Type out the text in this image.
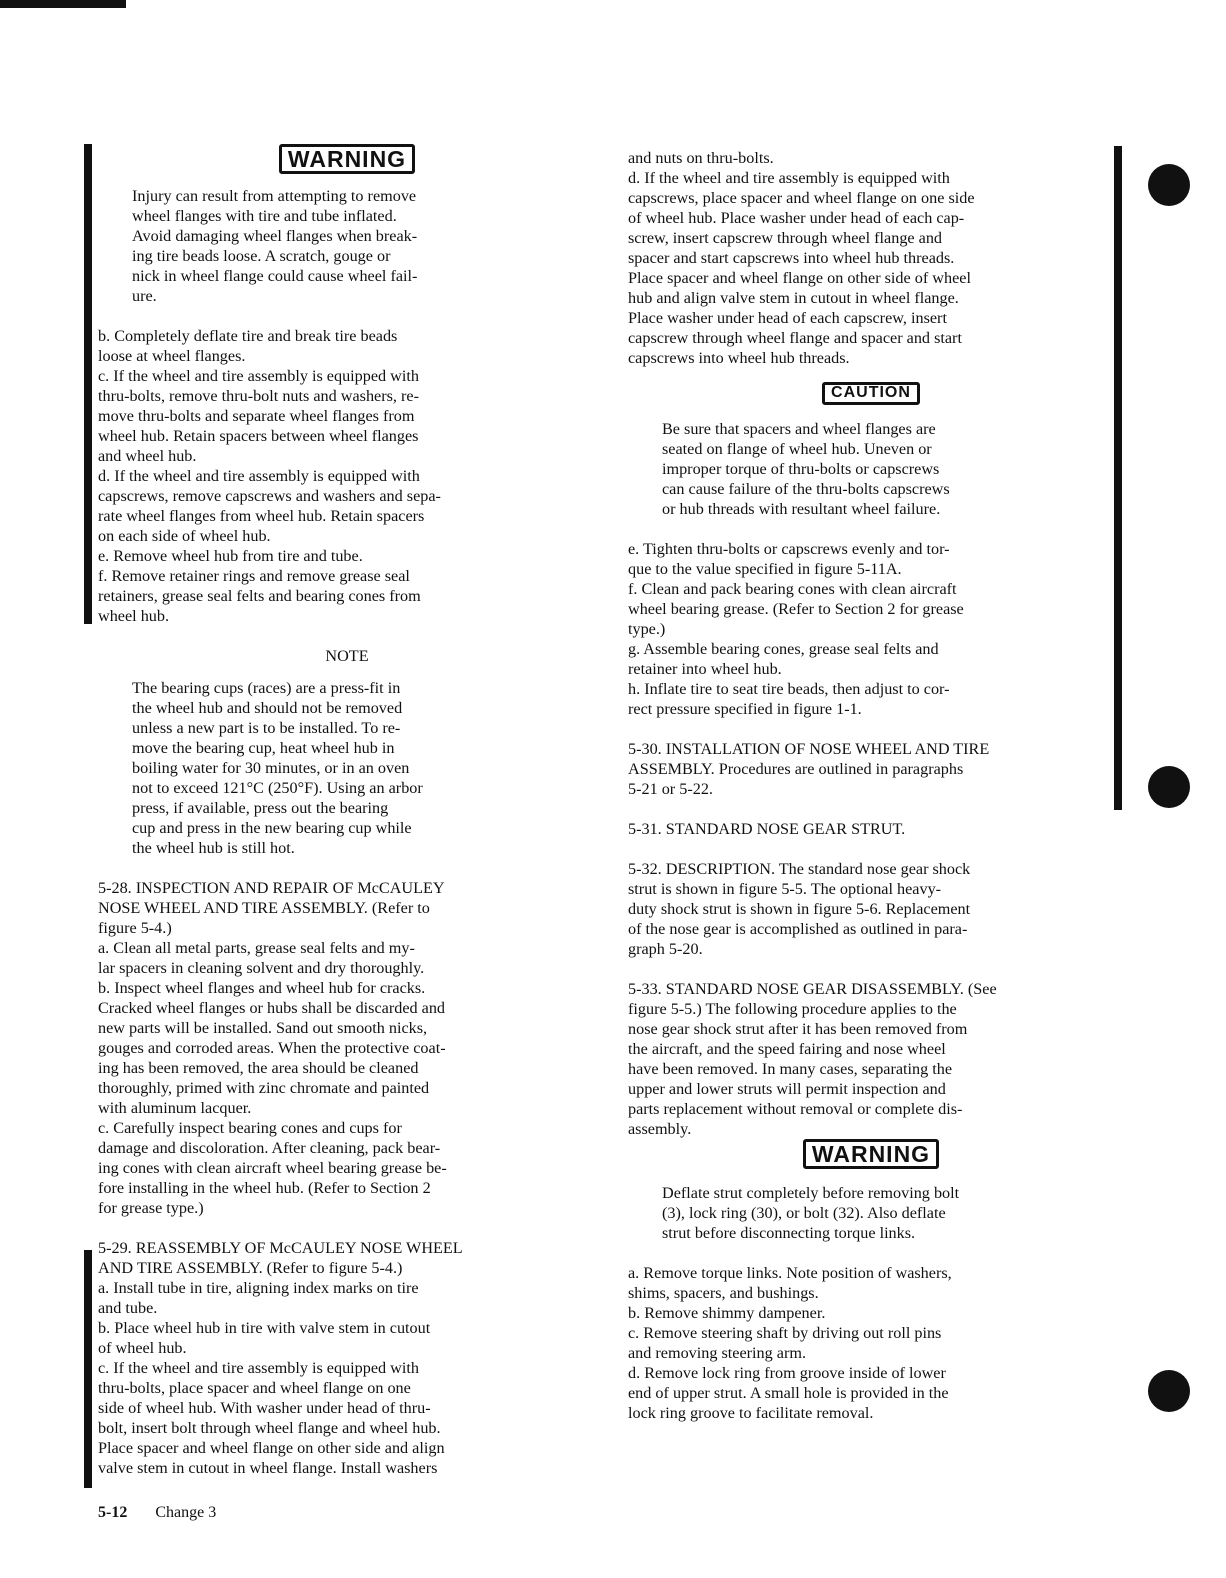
WARNING

Injury can result from attempting to remove

wheel flanges with tire and tube inflated.

Avoid damaging wheel flanges when break-

ing tire beads loose. A scratch, gouge or

nick in wheel flange could cause wheel fail-

ure.

b. Completely deflate tire and break tire beads

loose at wheel flanges.

c. If the wheel and tire assembly is equipped with

thru-bolts, remove thru-bolt nuts and washers, re-

move thru-bolts and separate wheel flanges from

wheel hub. Retain spacers between wheel flanges

and wheel hub.

d. If the wheel and tire assembly is equipped with

capscrews, remove capscrews and washers and sepa-

rate wheel flanges from wheel hub. Retain spacers

on each side of wheel hub.

e. Remove wheel hub from tire and tube.

f. Remove retainer rings and remove grease seal

retainers, grease seal felts and bearing cones from

wheel hub.

NOTE

The bearing cups (races) are a press-fit in

the wheel hub and should not be removed

unless a new part is to be installed. To re-

move the bearing cup, heat wheel hub in

boiling water for 30 minutes, or in an oven

not to exceed 121°C (250°F). Using an arbor

press, if available, press out the bearing

cup and press in the new bearing cup while

the wheel hub is still hot.

5-28. INSPECTION AND REPAIR OF McCAULEY

NOSE WHEEL AND TIRE ASSEMBLY. (Refer to

figure 5-4.)

a. Clean all metal parts, grease seal felts and my-

lar spacers in cleaning solvent and dry thoroughly.

b. Inspect wheel flanges and wheel hub for cracks.

Cracked wheel flanges or hubs shall be discarded and

new parts will be installed. Sand out smooth nicks,

gouges and corroded areas. When the protective coat-

ing has been removed, the area should be cleaned

thoroughly, primed with zinc chromate and painted

with aluminum lacquer.

c. Carefully inspect bearing cones and cups for

damage and discoloration. After cleaning, pack bear-

ing cones with clean aircraft wheel bearing grease be-

fore installing in the wheel hub. (Refer to Section 2

for grease type.)

5-29. REASSEMBLY OF McCAULEY NOSE WHEEL

AND TIRE ASSEMBLY. (Refer to figure 5-4.)

a. Install tube in tire, aligning index marks on tire

and tube.

b. Place wheel hub in tire with valve stem in cutout

of wheel hub.

c. If the wheel and tire assembly is equipped with

thru-bolts, place spacer and wheel flange on one

side of wheel hub. With washer under head of thru-

bolt, insert bolt through wheel flange and wheel hub.

Place spacer and wheel flange on other side and align

valve stem in cutout in wheel flange. Install washers

and nuts on thru-bolts.

d. If the wheel and tire assembly is equipped with

capscrews, place spacer and wheel flange on one side

of wheel hub. Place washer under head of each cap-

screw, insert capscrew through wheel flange and

spacer and start capscrews into wheel hub threads.

Place spacer and wheel flange on other side of wheel

hub and align valve stem in cutout in wheel flange.

Place washer under head of each capscrew, insert

capscrew through wheel flange and spacer and start

capscrews into wheel hub threads.

CAUTION

Be sure that spacers and wheel flanges are

seated on flange of wheel hub. Uneven or

improper torque of thru-bolts or capscrews

can cause failure of the thru-bolts capscrews

or hub threads with resultant wheel failure.

e. Tighten thru-bolts or capscrews evenly and tor-

que to the value specified in figure 5-11A.

f. Clean and pack bearing cones with clean aircraft

wheel bearing grease. (Refer to Section 2 for grease

type.)

g. Assemble bearing cones, grease seal felts and

retainer into wheel hub.

h. Inflate tire to seat tire beads, then adjust to cor-

rect pressure specified in figure 1-1.

5-30. INSTALLATION OF NOSE WHEEL AND TIRE

ASSEMBLY. Procedures are outlined in paragraphs

5-21 or 5-22.

5-31. STANDARD NOSE GEAR STRUT.

5-32. DESCRIPTION. The standard nose gear shock

strut is shown in figure 5-5. The optional heavy-

duty shock strut is shown in figure 5-6. Replacement

of the nose gear is accomplished as outlined in para-

graph 5-20.

5-33. STANDARD NOSE GEAR DISASSEMBLY. (See

figure 5-5.) The following procedure applies to the

nose gear shock strut after it has been removed from

the aircraft, and the speed fairing and nose wheel

have been removed. In many cases, separating the

upper and lower struts will permit inspection and

parts replacement without removal or complete dis-

assembly.

WARNING

Deflate strut completely before removing bolt

(3), lock ring (30), or bolt (32). Also deflate

strut before disconnecting torque links.

a. Remove torque links. Note position of washers,

shims, spacers, and bushings.

b. Remove shimmy dampener.

c. Remove steering shaft by driving out roll pins

and removing steering arm.

d. Remove lock ring from groove inside of lower

end of upper strut. A small hole is provided in the

lock ring groove to facilitate removal.

5-12 Change 3
